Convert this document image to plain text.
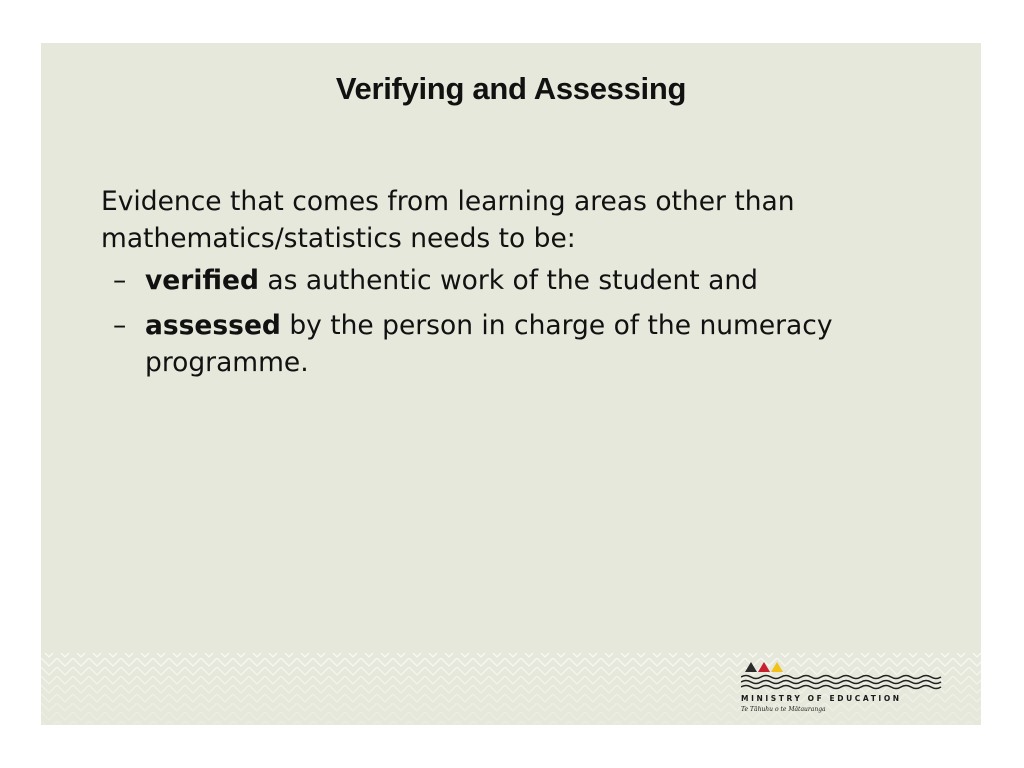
Verifying and Assessing

Evidence that comes from learning areas other than mathematics/statistics needs to be:

– verified as authentic work of the student and

– assessed by the person in charge of the numeracy programme.

MINISTRY OF EDUCATION
Te Tāhuhu o te Mātauranga
